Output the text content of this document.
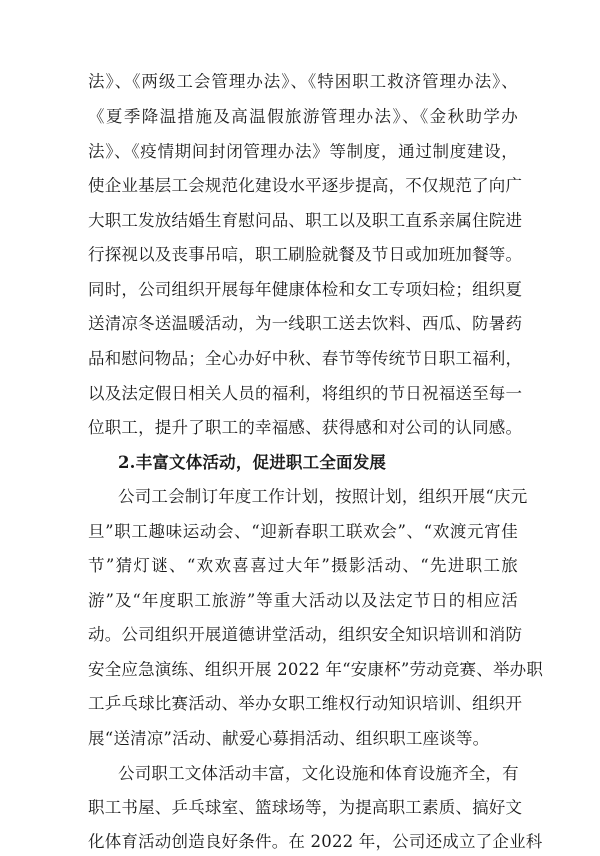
法》、《两级工会管理办法》、《特困职工救济管理办法》、
《夏季降温措施及高温假旅游管理办法》、《金秋助学办
法》、《疫情期间封闭管理办法》等制度，通过制度建设，
使企业基层工会规范化建设水平逐步提高，不仅规范了向广
大职工发放结婚生育慰问品、职工以及职工直系亲属住院进
行探视以及丧事吊唁，职工刷脸就餐及节日或加班加餐等。
同时，公司组织开展每年健康体检和女工专项妇检；组织夏
送清凉冬送温暖活动，为一线职工送去饮料、西瓜、防暑药
品和慰问物品；全心办好中秋、春节等传统节日职工福利，
以及法定假日相关人员的福利，将组织的节日祝福送至每一
位职工，提升了职工的幸福感、获得感和对公司的认同感。
2.丰富文体活动，促进职工全面发展
公司工会制订年度工作计划，按照计划，组织开展“庆元
旦”职工趣味运动会、“迎新春职工联欢会”、“欢渡元宵佳
节”猜灯谜、“欢欢喜喜过大年”摄影活动、“先进职工旅
游”及“年度职工旅游”等重大活动以及法定节日的相应活
动。公司组织开展道德讲堂活动，组织安全知识培训和消防
安全应急演练、组织开展 2022 年“安康杯”劳动竞赛、举办职
工乒乓球比赛活动、举办女职工维权行动知识培训、组织开
展“送清凉”活动、献爱心募捐活动、组织职工座谈等。
公司职工文体活动丰富，文化设施和体育设施齐全，有
职工书屋、乒乓球室、篮球场等，为提高职工素质、搞好文
化体育活动创造良好条件。在 2022 年，公司还成立了企业科
